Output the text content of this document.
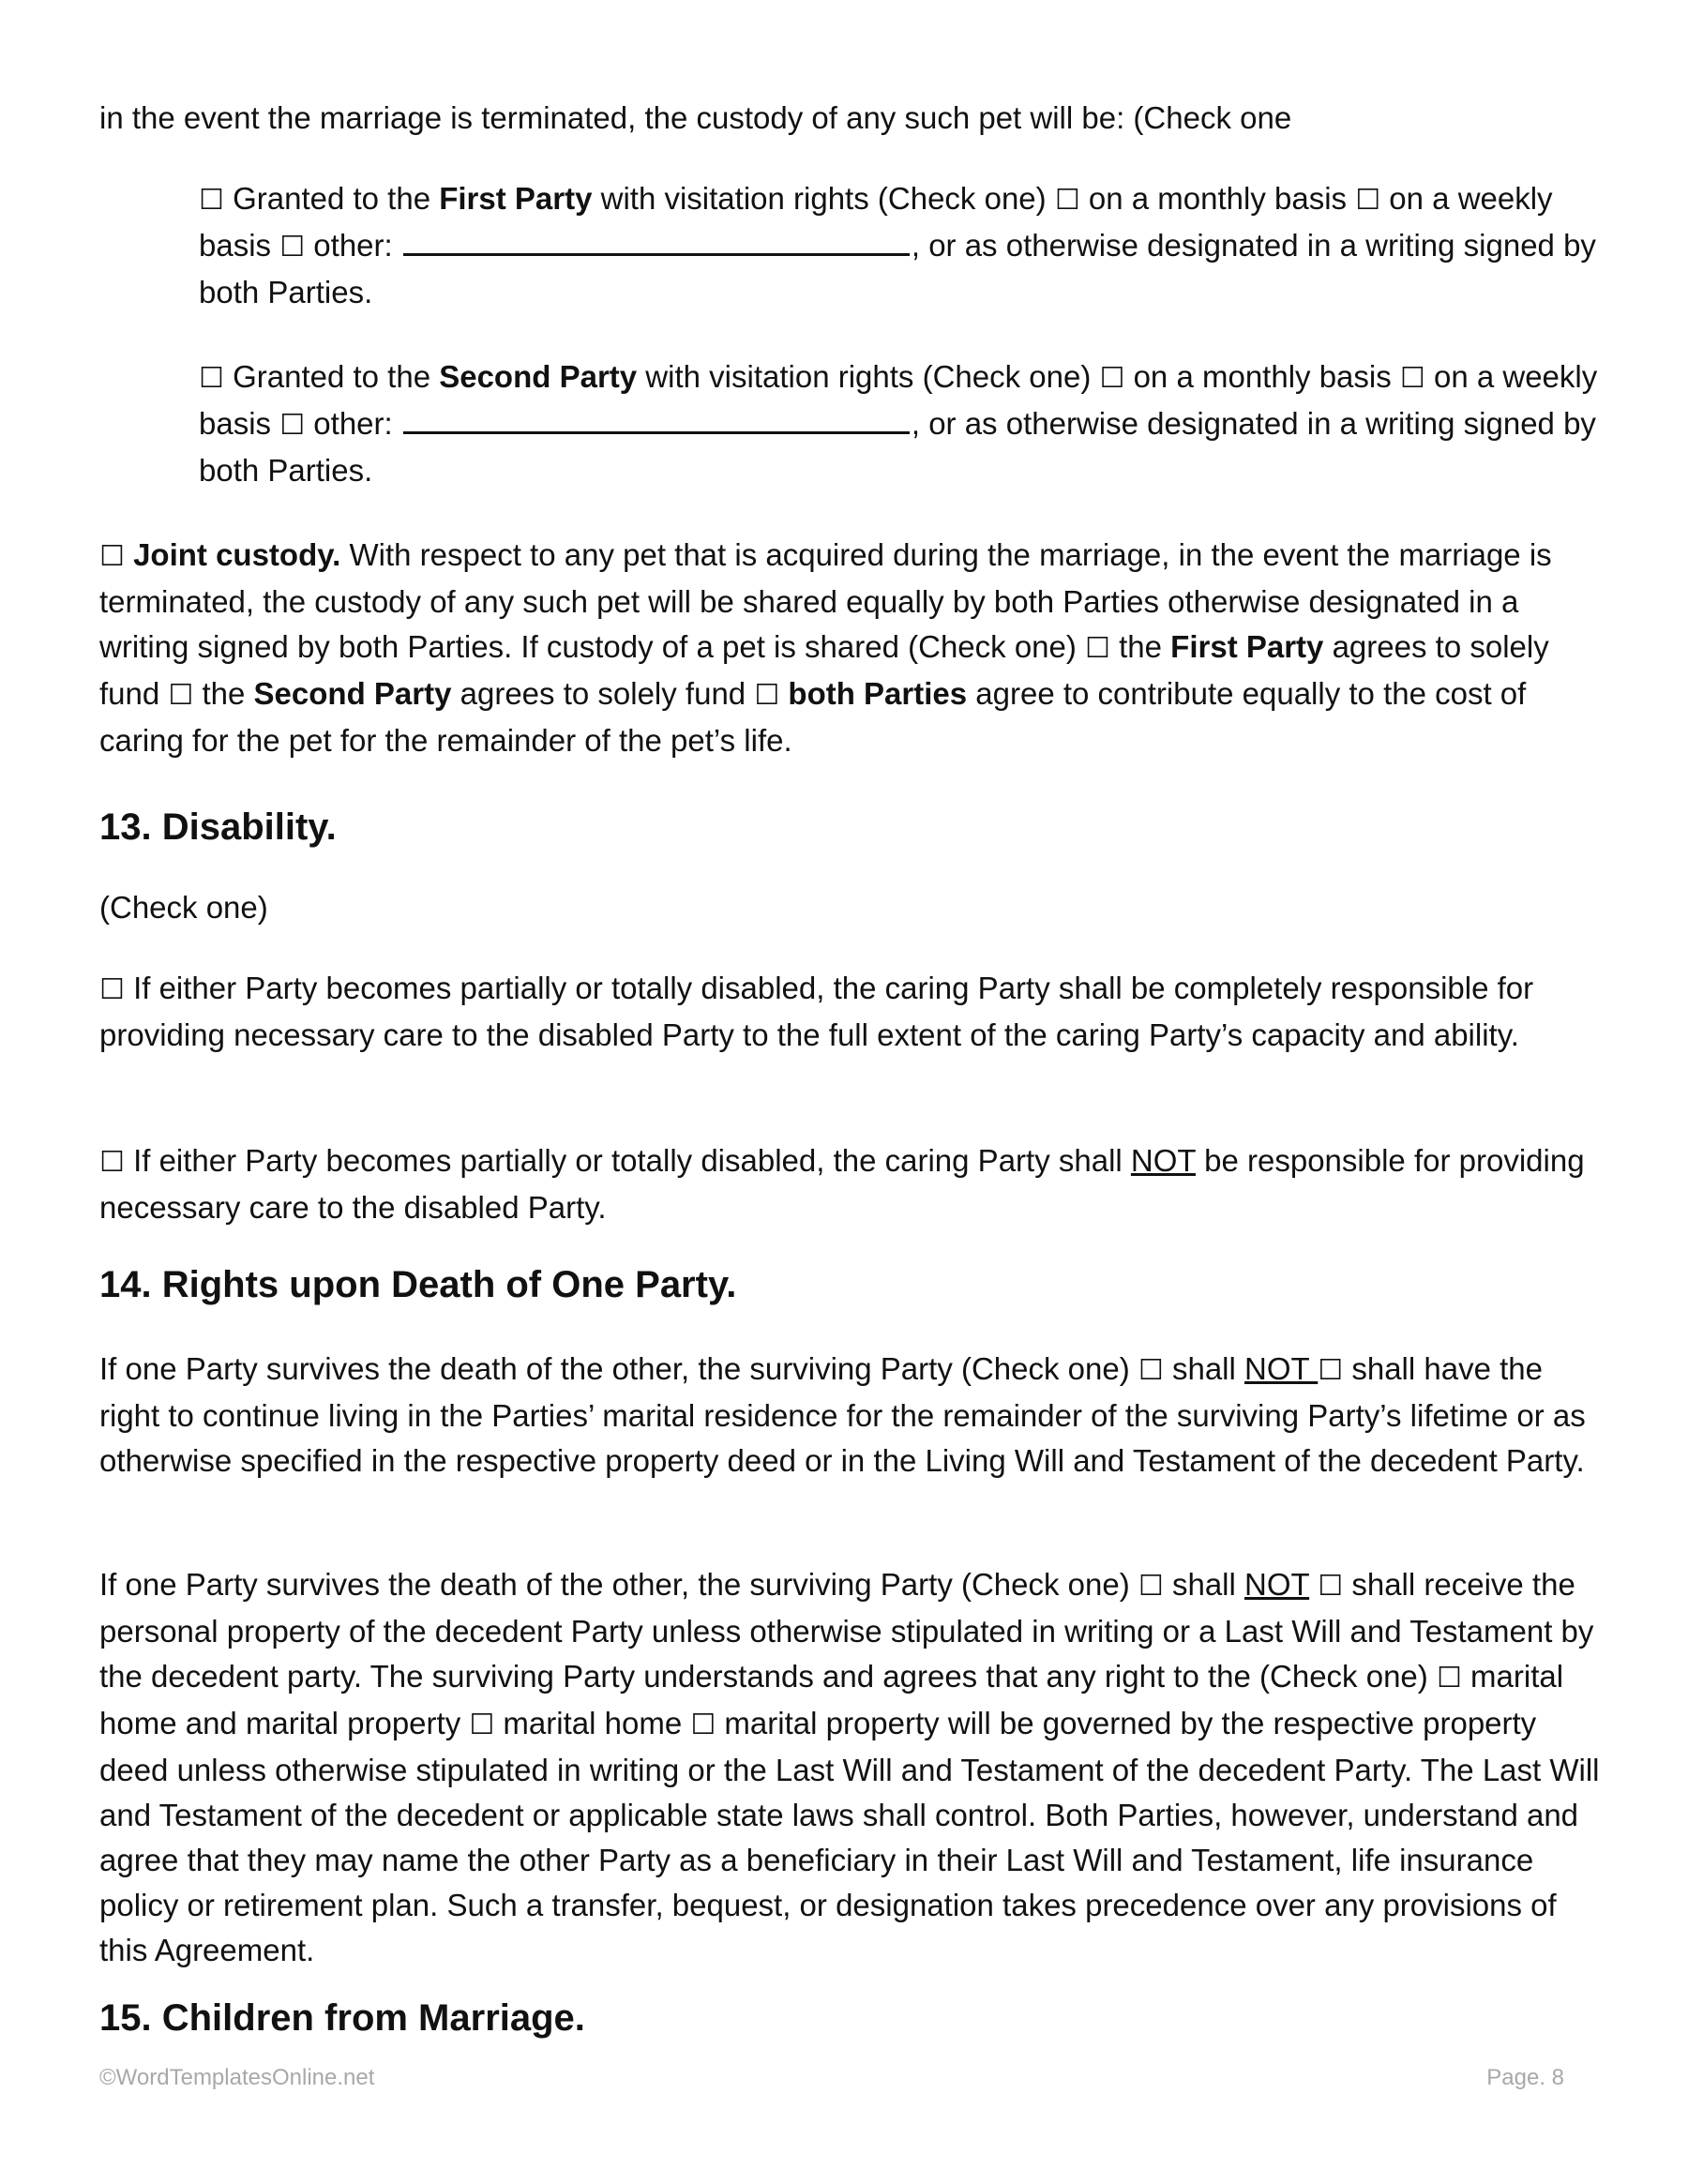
in the event the marriage is terminated, the custody of any such pet will be: (Check one

☐ Granted to the First Party with visitation rights (Check one) ☐ on a monthly basis ☐ on a weekly basis ☐ other:	, or as otherwise designated in a writing signed by both Parties.

☐ Granted to the Second Party with visitation rights (Check one) ☐ on a monthly basis ☐ on a weekly basis ☐ other:	, or as otherwise designated in a writing signed by both Parties.

☐ Joint custody. With respect to any pet that is acquired during the marriage, in the event the marriage is terminated, the custody of any such pet will be shared equally by both Parties otherwise designated in a writing signed by both Parties. If custody of a pet is shared (Check one) ☐ the First Party agrees to solely fund ☐ the Second Party agrees to solely fund ☐ both Parties agree to contribute equally to the cost of caring for the pet for the remainder of the pet’s life.

13. Disability.

(Check one)

☐ If either Party becomes partially or totally disabled, the caring Party shall be completely responsible for providing necessary care to the disabled Party to the full extent of the caring Party’s capacity and ability.

☐ If either Party becomes partially or totally disabled, the caring Party shall NOT be responsible for providing necessary care to the disabled Party.

14. Rights upon Death of One Party.

If one Party survives the death of the other, the surviving Party (Check one) ☐ shall NOT ☐ shall have the right to continue living in the Parties’ marital residence for the remainder of the surviving Party’s lifetime or as otherwise specified in the respective property deed or in the Living Will and Testament of the decedent Party.

If one Party survives the death of the other, the surviving Party (Check one) ☐ shall NOT ☐ shall receive the personal property of the decedent Party unless otherwise stipulated in writing or a Last Will and Testament by the decedent party. The surviving Party understands and agrees that any right to the (Check one) ☐ marital home and marital property ☐ marital home ☐ marital property will be governed by the respective property deed unless otherwise stipulated in writing or the Last Will and Testament of the decedent Party. The Last Will and Testament of the decedent or applicable state laws shall control. Both Parties, however, understand and agree that they may name the other Party as a beneficiary in their Last Will and Testament, life insurance policy or retirement plan. Such a transfer, bequest, or designation takes precedence over any provisions of this Agreement.

15. Children from Marriage.
©WordTemplatesOnline.net	Page. 8
